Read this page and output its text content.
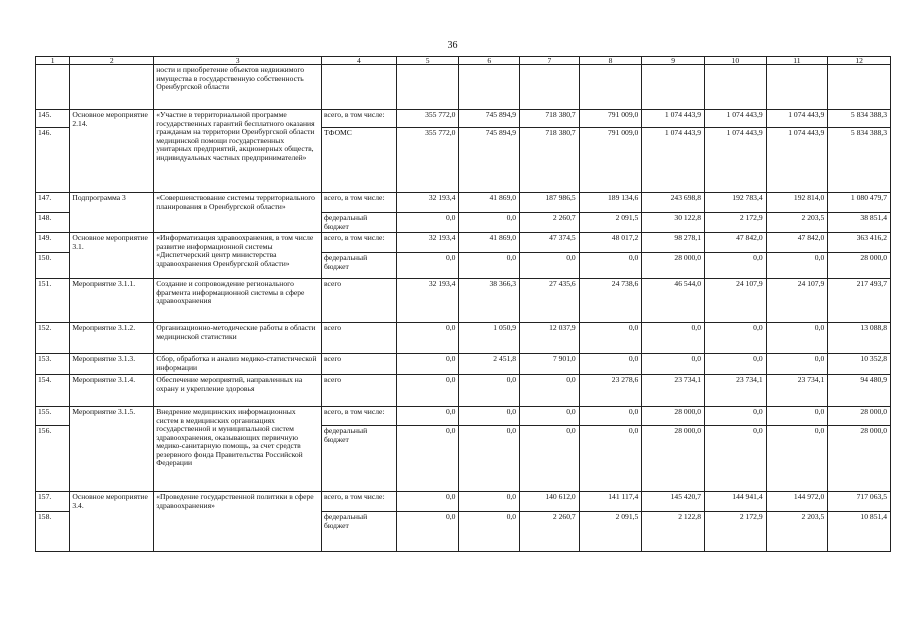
36
1	2	3	4	5	6	7	8	9	10	11	12
		ности и приобретение объектов недвижимого имущества в государственную собственность Оренбургской области									
145.	Основное мероприятие 2.14.	«Участие в территориальной программе государственных гарантий бесплатного оказания гражданам на территории Оренбургской области медицинской помощи государственных унитарных предприятий, акционерных обществ, индивидуальных частных предпринимателей»	всего, в том числе:	355 772,0	745 894,9	718 380,7	791 009,0	1 074 443,9	1 074 443,9	1 074 443,9	5 834 388,3
146.			ТФОМС	355 772,0	745 894,9	718 380,7	791 009,0	1 074 443,9	1 074 443,9	1 074 443,9	5 834 388,3
147.	Подпрограмма 3	«Совершенствование системы территориального планирования в Оренбургской области»	всего, в том числе:	32 193,4	41 869,0	187 986,5	189 134,6	243 698,8	192 783,4	192 814,0	1 080 479,7
148.			федеральный бюджет	0,0	0,0	2 260,7	2 091,5	30 122,8	2 172,9	2 203,5	38 851,4
149.	Основное мероприятие 3.1.	«Информатизация здравоохранения, в том числе развитие информационной системы «Диспетчерский центр министерства здравоохранения Оренбургской области»	всего, в том числе:	32 193,4	41 869,0	47 374,5	48 017,2	98 278,1	47 842,0	47 842,0	363 416,2
150.			федеральный бюджет	0,0	0,0	0,0	0,0	28 000,0	0,0	0,0	28 000,0
151.	Мероприятие 3.1.1.	Создание и сопровождение регионального фрагмента информационной системы в сфере здравоохранения	всего	32 193,4	38 366,3	27 435,6	24 738,6	46 544,0	24 107,9	24 107,9	217 493,7
152.	Мероприятие 3.1.2.	Организационно-методические работы в области медицинской статистики	всего	0,0	1 050,9	12 037,9	0,0	0,0	0,0	0,0	13 088,8
153.	Мероприятие 3.1.3.	Сбор, обработка и анализ медико-статистической информации	всего	0,0	2 451,8	7 901,0	0,0	0,0	0,0	0,0	10 352,8
154.	Мероприятие 3.1.4.	Обеспечение мероприятий, направленных на охрану и укрепление здоровья	всего	0,0	0,0	0,0	23 278,6	23 734,1	23 734,1	23 734,1	94 480,9
155.	Мероприятие 3.1.5.	Внедрение медицинских информационных систем в медицинских организациях государственной и муниципальной систем здравоохранения, оказывающих первичную медико-санитарную помощь, за счет средств резервного фонда Правительства Российской Федерации	всего, в том числе:	0,0	0,0	0,0	0,0	28 000,0	0,0	0,0	28 000,0
156.			федеральный бюджет	0,0	0,0	0,0	0,0	28 000,0	0,0	0,0	28 000,0
157.	Основное мероприятие 3.4.	«Проведение государственной политики в сфере здравоохранения»	всего, в том числе:	0,0	0,0	140 612,0	141 117,4	145 420,7	144 941,4	144 972,0	717 063,5
158.			федеральный бюджет	0,0	0,0	2 260,7	2 091,5	2 122,8	2 172,9	2 203,5	10 851,4
